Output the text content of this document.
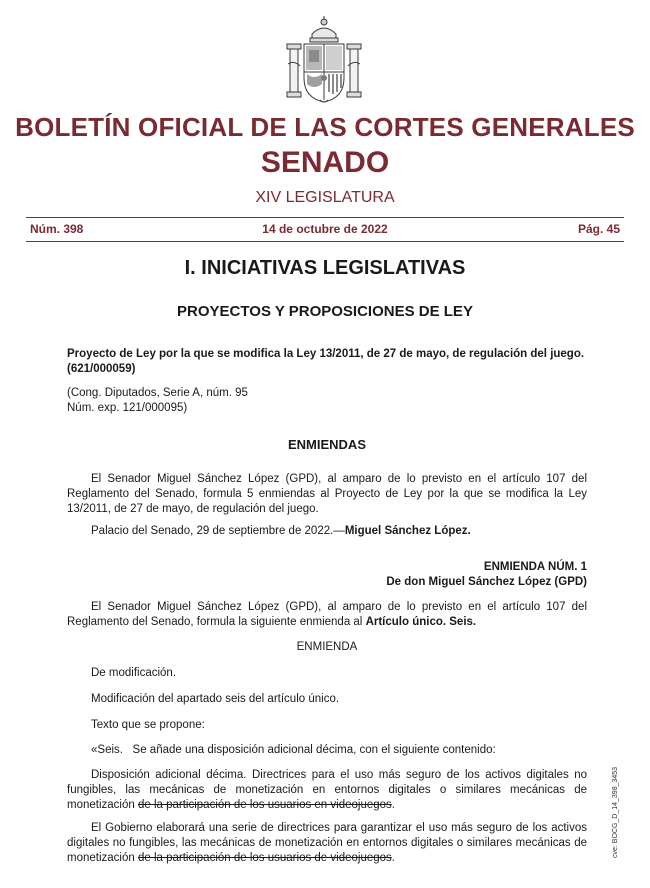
BOLETÍN OFICIAL DE LAS CORTES GENERALES
SENADO
XIV LEGISLATURA
Núm. 398	14 de octubre de 2022	Pág. 45
I. INICIATIVAS LEGISLATIVAS
PROYECTOS Y PROPOSICIONES DE LEY
Proyecto de Ley por la que se modifica la Ley 13/2011, de 27 de mayo, de regulación del juego.
(621/000059)
(Cong. Diputados, Serie A, núm. 95
Núm. exp. 121/000095)
ENMIENDAS
El Senador Miguel Sánchez López (GPD), al amparo de lo previsto en el artículo 107 del Reglamento del Senado, formula 5 enmiendas al Proyecto de Ley por la que se modifica la Ley 13/2011, de 27 de mayo, de regulación del juego.
Palacio del Senado, 29 de septiembre de 2022.—Miguel Sánchez López.
ENMIENDA NÚM. 1
De don Miguel Sánchez López (GPD)
El Senador Miguel Sánchez López (GPD), al amparo de lo previsto en el artículo 107 del Reglamento del Senado, formula la siguiente enmienda al Artículo único. Seis.
ENMIENDA
De modificación.
Modificación del apartado seis del artículo único.
Texto que se propone:
«Seis.   Se añade una disposición adicional décima, con el siguiente contenido:
Disposición adicional décima. Directrices para el uso más seguro de los activos digitales no fungibles, las mecánicas de monetización en entornos digitales o similares mecánicas de monetización de la participación de los usuarios en videojuegos.
El Gobierno elaborará una serie de directrices para garantizar el uso más seguro de los activos digitales no fungibles, las mecánicas de monetización en entornos digitales o similares mecánicas de monetización de la participación de los usuarios de videojuegos.	cve: BOCG_D_14_398_3453
